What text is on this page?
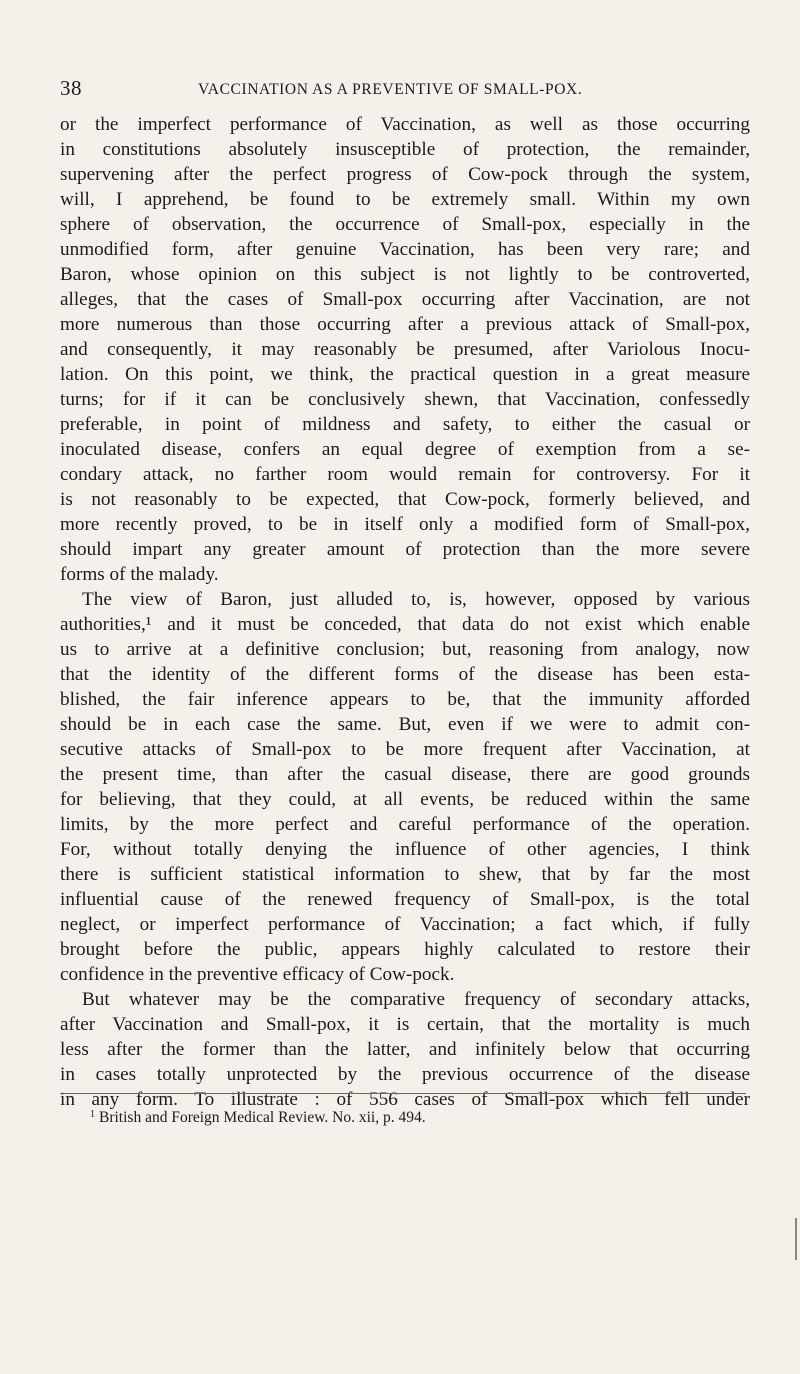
38	VACCINATION AS A PREVENTIVE OF SMALL-POX.
or the imperfect performance of Vaccination, as well as those occurring
in constitutions absolutely insusceptible of protection, the remainder,
supervening after the perfect progress of Cow-pock through the system,
will, I apprehend, be found to be extremely small. Within my own
sphere of observation, the occurrence of Small-pox, especially in the
unmodified form, after genuine Vaccination, has been very rare; and
Baron, whose opinion on this subject is not lightly to be controverted,
alleges, that the cases of Small-pox occurring after Vaccination, are not
more numerous than those occurring after a previous attack of Small-pox,
and consequently, it may reasonably be presumed, after Variolous Inocu-
lation. On this point, we think, the practical question in a great measure
turns; for if it can be conclusively shewn, that Vaccination, confessedly
preferable, in point of mildness and safety, to either the casual or
inoculated disease, confers an equal degree of exemption from a se-
condary attack, no farther room would remain for controversy. For it
is not reasonably to be expected, that Cow-pock, formerly believed, and
more recently proved, to be in itself only a modified form of Small-pox,
should impart any greater amount of protection than the more severe
forms of the malady.
The view of Baron, just alluded to, is, however, opposed by various
authorities,¹ and it must be conceded, that data do not exist which enable
us to arrive at a definitive conclusion; but, reasoning from analogy, now
that the identity of the different forms of the disease has been esta-
blished, the fair inference appears to be, that the immunity afforded
should be in each case the same. But, even if we were to admit con-
secutive attacks of Small-pox to be more frequent after Vaccination, at
the present time, than after the casual disease, there are good grounds
for believing, that they could, at all events, be reduced within the same
limits, by the more perfect and careful performance of the operation.
For, without totally denying the influence of other agencies, I think
there is sufficient statistical information to shew, that by far the most
influential cause of the renewed frequency of Small-pox, is the total
neglect, or imperfect performance of Vaccination; a fact which, if fully
brought before the public, appears highly calculated to restore their
confidence in the preventive efficacy of Cow-pock.
But whatever may be the comparative frequency of secondary attacks,
after Vaccination and Small-pox, it is certain, that the mortality is much
less after the former than the latter, and infinitely below that occurring
in cases totally unprotected by the previous occurrence of the disease
in any form. To illustrate : of 556 cases of Small-pox which fell under
$^1$ British and Foreign Medical Review. No. xii, p. 494.
